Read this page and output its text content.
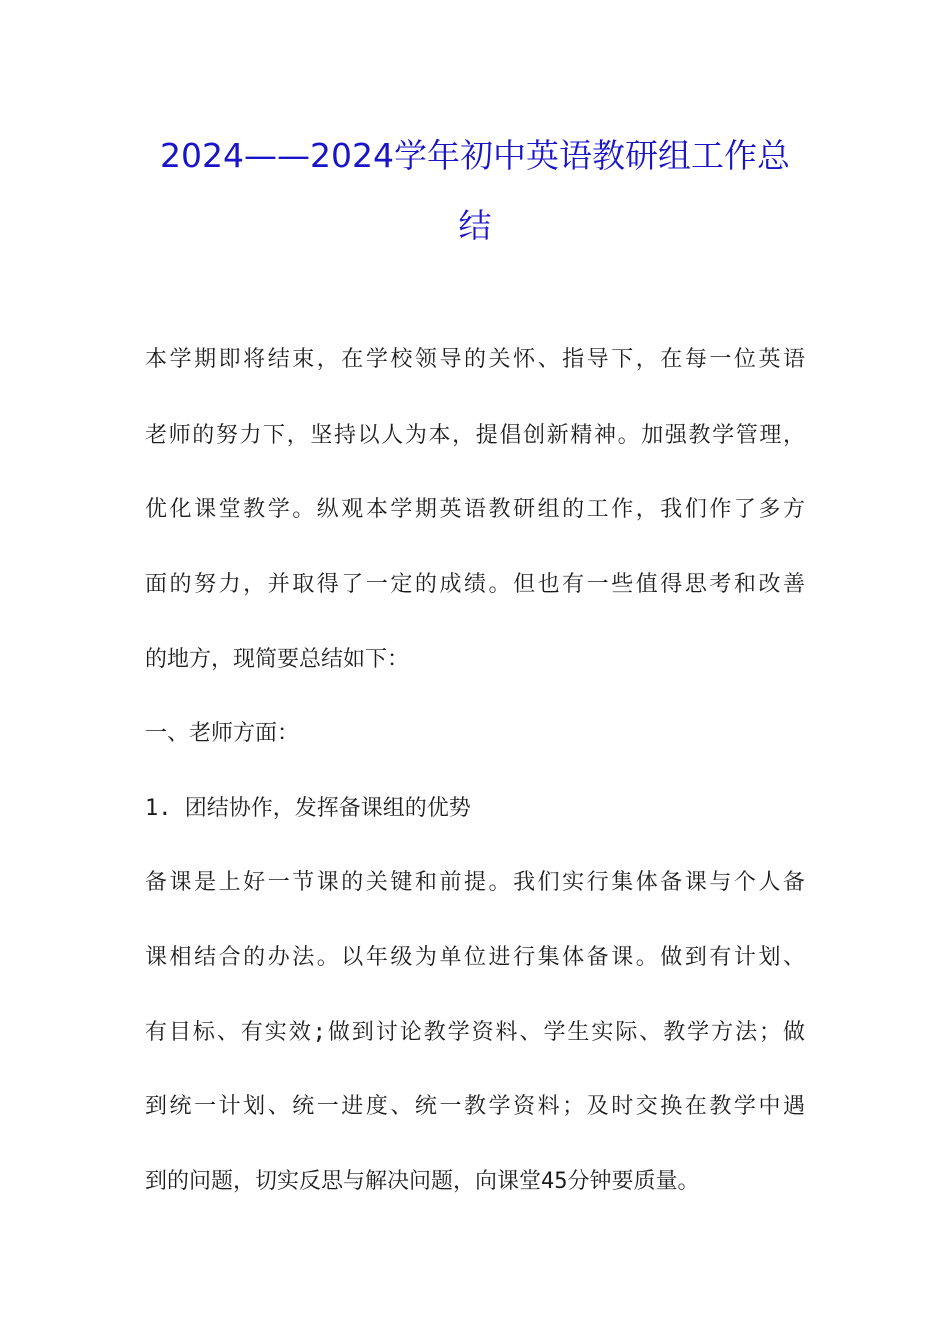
2024——2024学年初中英语教研组工作总
结
本学期即将结束，在学校领导的关怀、指导下，在每一位英语
老师的努力下，坚持以人为本，提倡创新精神。加强教学管理，
优化课堂教学。纵观本学期英语教研组的工作，我们作了多方
面的努力，并取得了一定的成绩。但也有一些值得思考和改善
的地方，现简要总结如下：
一、老师方面：
1. 团结协作，发挥备课组的优势
备课是上好一节课的关键和前提。我们实行集体备课与个人备
课相结合的办法。以年级为单位进行集体备课。做到有计划、
有目标、有实效;做到讨论教学资料、学生实际、教学方法；做
到统一计划、统一进度、统一教学资料；及时交换在教学中遇
到的问题，切实反思与解决问题，向课堂45分钟要质量。
